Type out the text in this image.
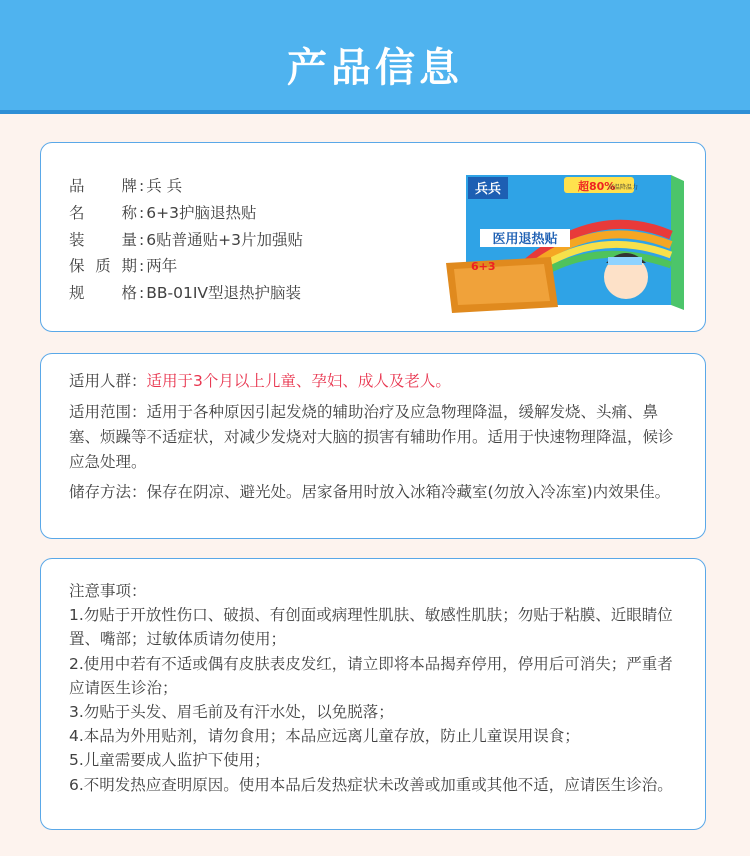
产品信息
品 牌 : 兵 兵
名 称 : 6+3护脑退热贴
装 量 : 6贴普通贴+3片加强贴
保质期 : 两年
规 格 : BB-01IV型退热护脑装
兵兵	超80%
高温降温力
医用退热贴
6+3
适用人群：适用于3个月以上儿童、孕妇、成人及老人。
适用范围：适用于各种原因引起发烧的辅助治疗及应急物理降温，缓解发烧、头痛、鼻塞、烦躁等不适症状，对减少发烧对大脑的损害有辅助作用。适用于快速物理降温，候诊应急处理。
储存方法：保存在阴凉、避光处。居家备用时放入冰箱冷藏室(勿放入冷冻室)内效果佳。
注意事项：
1.勿贴于开放性伤口、破损、有创面或病理性肌肤、敏感性肌肤；勿贴于粘膜、近眼睛位置、嘴部；过敏体质请勿使用；
2.使用中若有不适或偶有皮肤表皮发红，请立即将本品揭弃停用，停用后可消失；严重者应请医生诊治；
3.勿贴于头发、眉毛前及有汗水处，以免脱落；
4.本品为外用贴剂，请勿食用；本品应远离儿童存放，防止儿童误用误食；
5.儿童需要成人监护下使用；
6.不明发热应查明原因。使用本品后发热症状未改善或加重或其他不适，应请医生诊治。
